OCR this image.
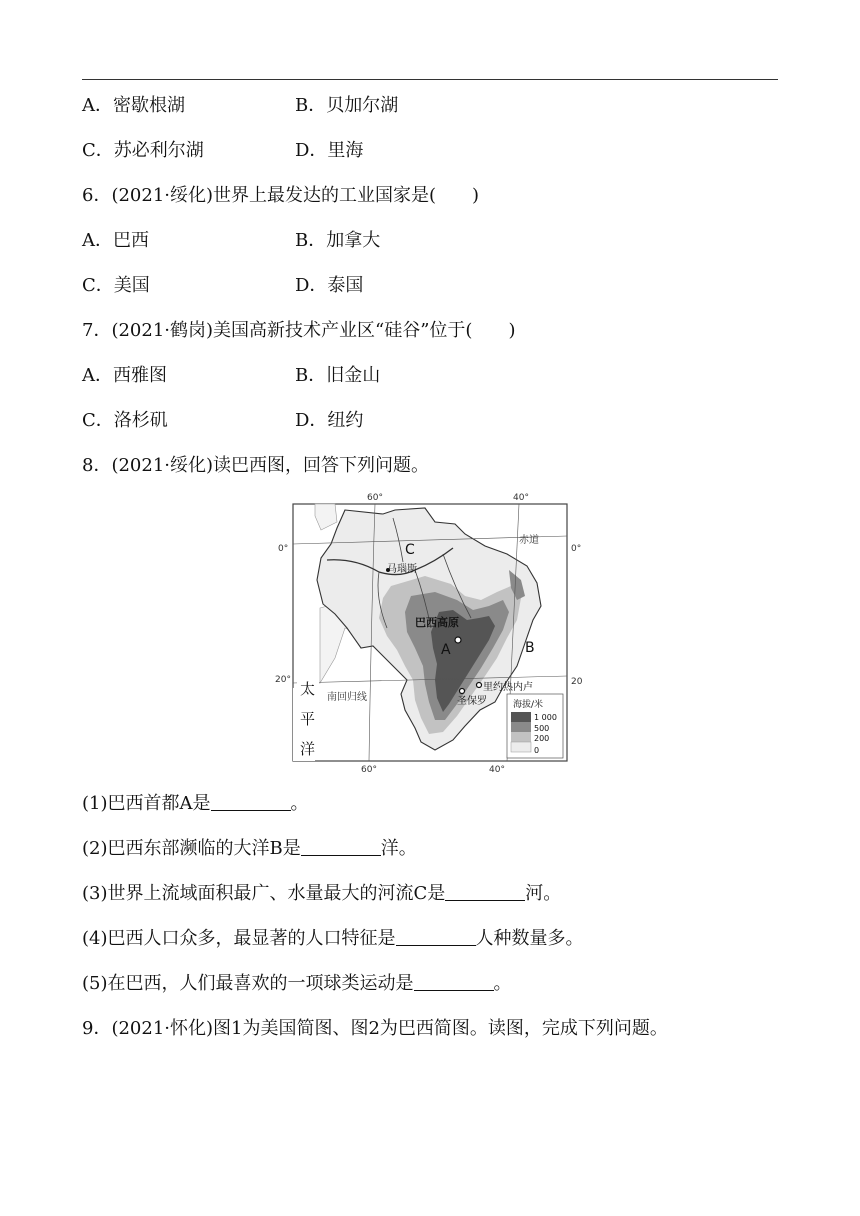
A．密歇根湖	B．贝加尔湖
C．苏必利尔湖	D．里海
6．(2021·绥化)世界上最发达的工业国家是(　　)
A．巴西	B．加拿大
C．美国	D．泰国
7．(2021·鹤岗)美国高新技术产业区“硅谷”位于(　　)
A．西雅图	B．旧金山
C．洛杉矶	D．纽约
8．(2021·绥化)读巴西图，回答下列问题。
60°	40°
60°	40°
0°	0°
20°	20
赤道
南回归线
太
平
洋
C
马瑙斯
巴西高原
A	B
里约热内卢
圣保罗	海拔/米
1 000
500
200
0
(1)巴西首都A是	。
(2)巴西东部濒临的大洋B是	洋。
(3)世界上流域面积最广、水量最大的河流C是	河。
(4)巴西人口众多，最显著的人口特征是	人种数量多。
(5)在巴西，人们最喜欢的一项球类运动是	。
9．(2021·怀化)图1为美国简图、图2为巴西简图。读图，完成下列问题。
